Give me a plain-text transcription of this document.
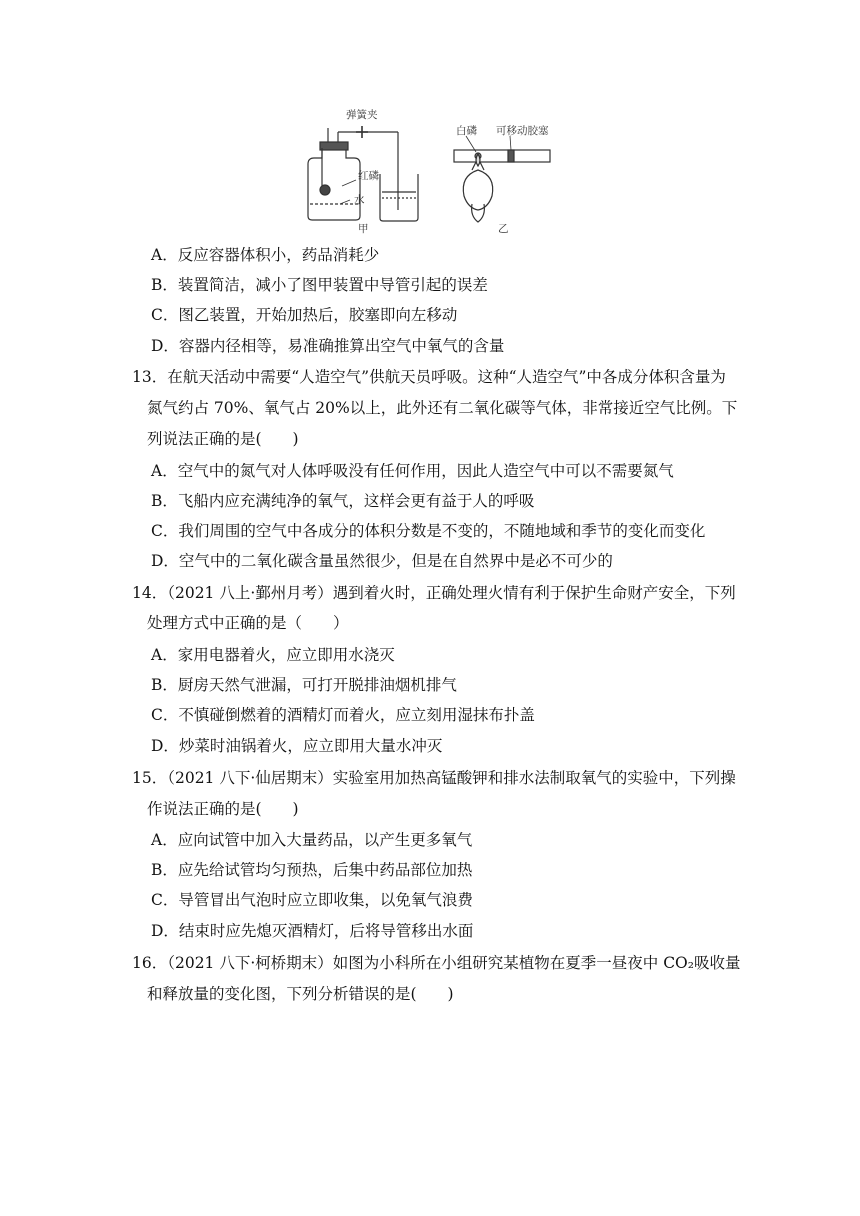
弹簧夹
红磷
水
甲
白磷 可移动胶塞
乙
A．反应容器体积小，药品消耗少
B．装置简洁，减小了图甲装置中导管引起的误差
C．图乙装置，开始加热后，胶塞即向左移动
D．容器内径相等，易准确推算出空气中氧气的含量
13．在航天活动中需要“人造空气”供航天员呼吸。这种“人造空气”中各成分体积含量为
氮气约占 70%、氧气占 20%以上，此外还有二氧化碳等气体，非常接近空气比例。下
列说法正确的是(　　)
A．空气中的氮气对人体呼吸没有任何作用，因此人造空气中可以不需要氮气
B．飞船内应充满纯净的氧气，这样会更有益于人的呼吸
C．我们周围的空气中各成分的体积分数是不变的，不随地域和季节的变化而变化
D．空气中的二氧化碳含量虽然很少，但是在自然界中是必不可少的
14．（2021 八上·鄞州月考）遇到着火时，正确处理火情有利于保护生命财产安全，下列
处理方式中正确的是（　　）
A．家用电器着火，应立即用水浇灭
B．厨房天然气泄漏，可打开脱排油烟机排气
C．不慎碰倒燃着的酒精灯而着火，应立刻用湿抹布扑盖
D．炒菜时油锅着火，应立即用大量水冲灭
15．（2021 八下·仙居期末）实验室用加热高锰酸钾和排水法制取氧气的实验中，下列操
作说法正确的是(　　)
A．应向试管中加入大量药品，以产生更多氧气
B．应先给试管均匀预热，后集中药品部位加热
C．导管冒出气泡时应立即收集，以免氧气浪费
D．结束时应先熄灭酒精灯，后将导管移出水面
16．（2021 八下·柯桥期末）如图为小科所在小组研究某植物在夏季一昼夜中 CO₂吸收量
和释放量的变化图，下列分析错误的是(　　)
